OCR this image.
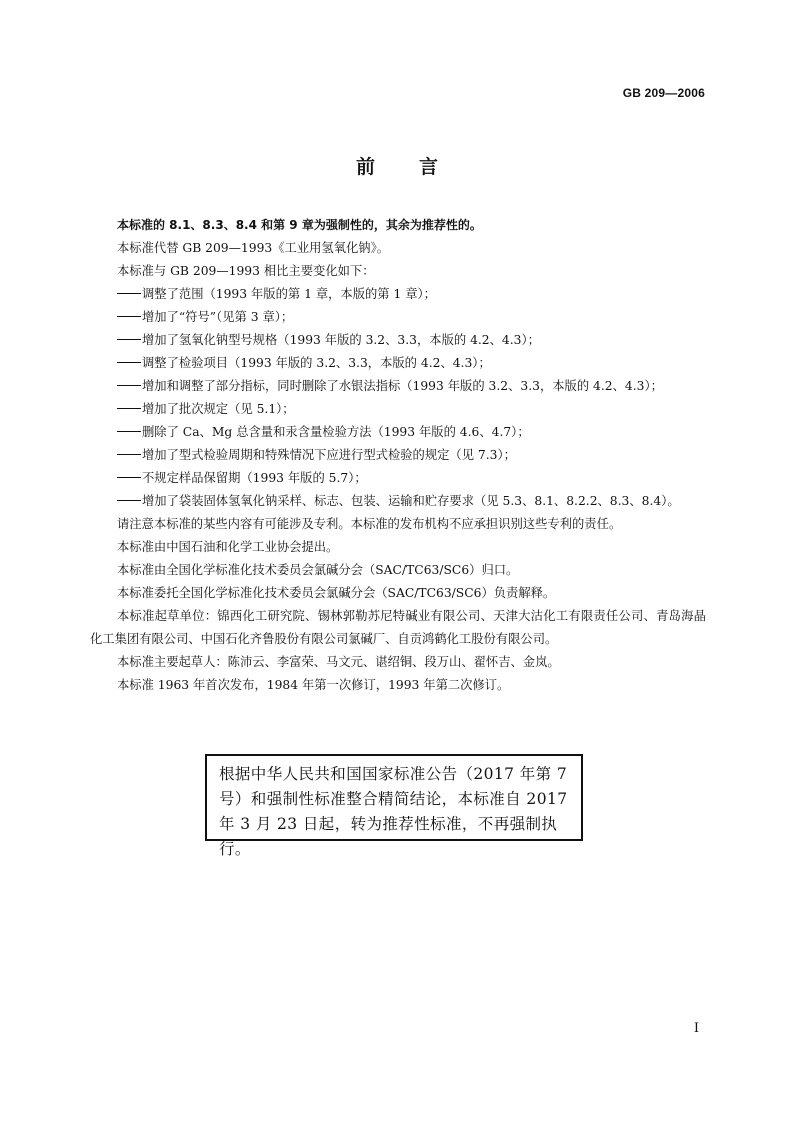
GB 209—2006
前言

本标准的 8.1、8.3、8.4 和第 9 章为强制性的，其余为推荐性的。

本标准代替 GB 209—1993《工业用氢氧化钠》。

本标准与 GB 209—1993 相比主要变化如下：

调整了范围（1993 年版的第 1 章，本版的第 1 章）；

增加了“符号”（见第 3 章）；

增加了氢氧化钠型号规格（1993 年版的 3.2、3.3，本版的 4.2、4.3）；

调整了检验项目（1993 年版的 3.2、3.3，本版的 4.2、4.3）；

增加和调整了部分指标，同时删除了水银法指标（1993 年版的 3.2、3.3，本版的 4.2、4.3）；

增加了批次规定（见 5.1）；

删除了 Ca、Mg 总含量和汞含量检验方法（1993 年版的 4.6、4.7）；

增加了型式检验周期和特殊情况下应进行型式检验的规定（见 7.3）；

不规定样品保留期（1993 年版的 5.7）；

增加了袋装固体氢氧化钠采样、标志、包装、运输和贮存要求（见 5.3、8.1、8.2.2、8.3、8.4）。

请注意本标准的某些内容有可能涉及专利。本标准的发布机构不应承担识别这些专利的责任。

本标准由中国石油和化学工业协会提出。

本标准由全国化学标准化技术委员会氯碱分会（SAC/TC63/SC6）归口。

本标准委托全国化学标准化技术委员会氯碱分会（SAC/TC63/SC6）负责解释。

本标准起草单位：锦西化工研究院、锡林郭勒苏尼特碱业有限公司、天津大沽化工有限责任公司、青岛海晶化工集团有限公司、中国石化齐鲁股份有限公司氯碱厂、自贡鸿鹤化工股份有限公司。

本标准主要起草人：陈沛云、李富荣、马文元、谌绍铜、段万山、翟怀吉、金岚。

本标准 1963 年首次发布，1984 年第一次修订，1993 年第二次修订。

根据中华人民共和国国家标准公告（2017 年第 7
号）和强制性标准整合精简结论，本标准自 2017
年 3 月 23 日起，转为推荐性标准，不再强制执行。
I
